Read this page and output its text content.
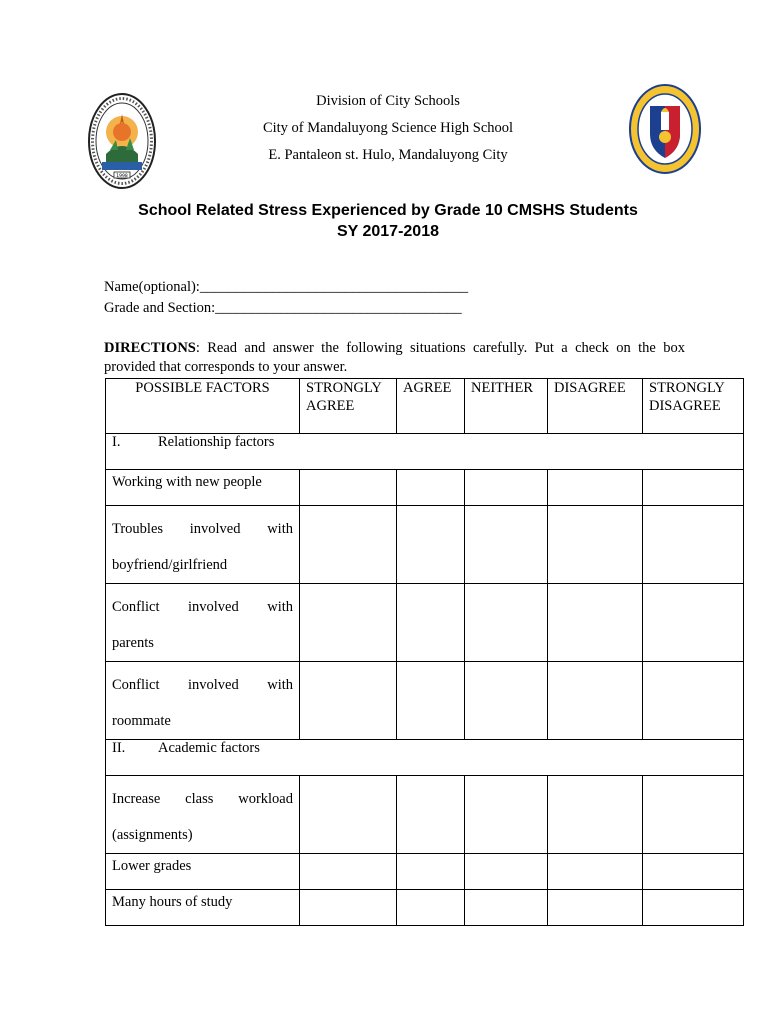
1998
Division of City Schools
City of Mandaluyong Science High School
E. Pantaleon st. Hulo, Mandaluyong City
School Related Stress Experienced by Grade 10 CMSHS Students
SY 2017-2018
Name(optional):_____________________________________
Grade and Section:__________________________________
DIRECTIONS: Read and answer the following situations carefully. Put a check on the box provided that corresponds to your answer.
POSSIBLE FACTORS	STRONGLY AGREE	AGREE	NEITHER	DISAGREE	STRONGLY DISAGREE
I. Relationship factors					
Working with new people					

Troubles involved with
boyfriend/girlfriend					

Conflict involved with
parents					

Conflict involved with
roommate					
II. Academic factors					

Increase class workload
(assignments)					
Lower grades					
Many hours of study					
